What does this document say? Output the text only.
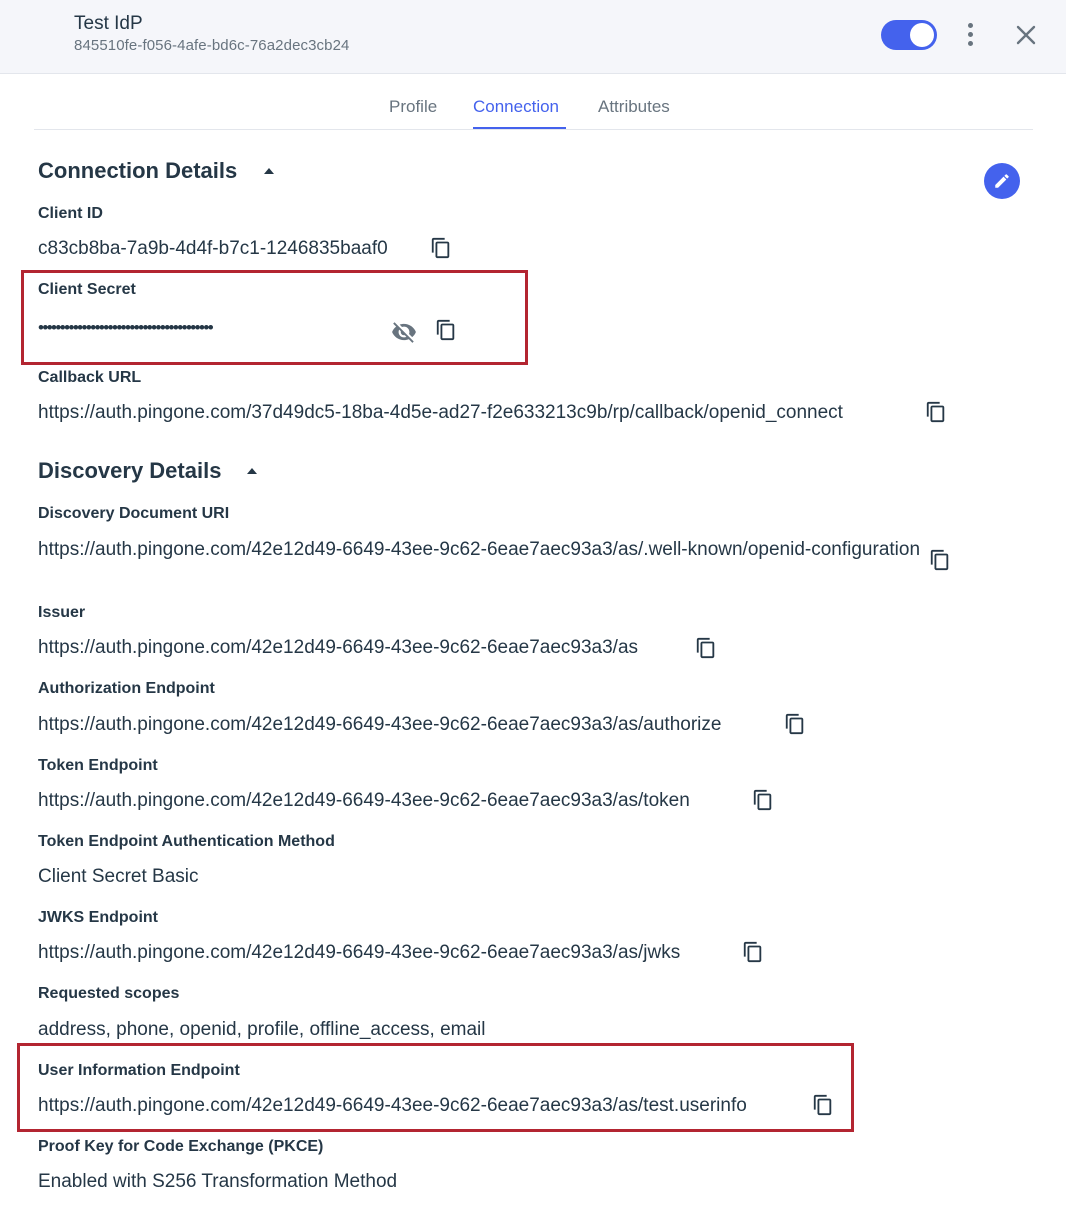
Test IdP
845510fe-f056-4afe-bd6c-76a2dec3cb24
Profile Connection Attributes
Connection Details
Client ID
c83cb8ba-7a9b-4d4f-b7c1-1246835baaf0
Client Secret
••••••••••••••••••••••••••••••••••••••••
Callback URL
https://auth.pingone.com/37d49dc5-18ba-4d5e-ad27-f2e633213c9b/rp/callback/openid_connect
Discovery Details
Discovery Document URI
https://auth.pingone.com/42e12d49-6649-43ee-9c62-6eae7aec93a3/as/.well-known/openid-configuration
Issuer
https://auth.pingone.com/42e12d49-6649-43ee-9c62-6eae7aec93a3/as
Authorization Endpoint
https://auth.pingone.com/42e12d49-6649-43ee-9c62-6eae7aec93a3/as/authorize
Token Endpoint
https://auth.pingone.com/42e12d49-6649-43ee-9c62-6eae7aec93a3/as/token
Token Endpoint Authentication Method
Client Secret Basic
JWKS Endpoint
https://auth.pingone.com/42e12d49-6649-43ee-9c62-6eae7aec93a3/as/jwks
Requested scopes
address, phone, openid, profile, offline_access, email
User Information Endpoint
https://auth.pingone.com/42e12d49-6649-43ee-9c62-6eae7aec93a3/as/test.userinfo
Proof Key for Code Exchange (PKCE)
Enabled with S256 Transformation Method
